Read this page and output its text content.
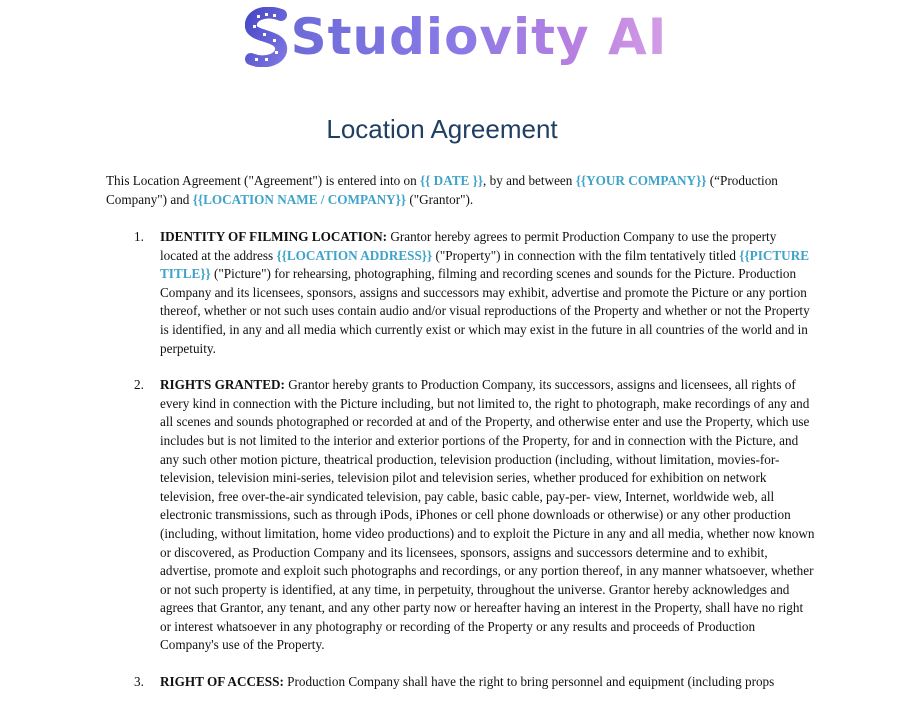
Studiovity AI
Location Agreement

This Location Agreement ("Agreement") is entered into on {{ DATE }}, by and between {{YOUR COMPANY}} (“Production Company") and {{LOCATION NAME / COMPANY}} ("Grantor").

1. IDENTITY OF FILMING LOCATION: Grantor hereby agrees to permit Production Company to use the property located at the address {{LOCATION ADDRESS}} ("Property") in connection with the film tentatively titled {{PICTURE TITLE}} ("Picture") for rehearsing, photographing, filming and recording scenes and sounds for the Picture. Production Company and its licensees, sponsors, assigns and successors may exhibit, advertise and promote the Picture or any portion thereof, whether or not such uses contain audio and/or visual reproductions of the Property and whether or not the Property is identified, in any and all media which currently exist or which may exist in the future in all countries of the world and in perpetuity.
2. RIGHTS GRANTED: Grantor hereby grants to Production Company, its successors, assigns and licensees, all rights of every kind in connection with the Picture including, but not limited to, the right to photograph, make recordings of any and all scenes and sounds photographed or recorded at and of the Property, and otherwise enter and use the Property, which use includes but is not limited to the interior and exterior portions of the Property, for and in connection with the Picture, and any such other motion picture, theatrical production, television production (including, without limitation, movies-for-television, television mini-series, television pilot and television series, whether produced for exhibition on network television, free over-the-air syndicated television, pay cable, basic cable, pay-per- view, Internet, worldwide web, all electronic transmissions, such as through iPods, iPhones or cell phone downloads or otherwise) or any other production (including, without limitation, home video productions) and to exploit the Picture in any and all media, whether now known or discovered, as Production Company and its licensees, sponsors, assigns and successors determine and to exhibit, advertise, promote and exploit such photographs and recordings, or any portion thereof, in any manner whatsoever, whether or not such property is identified, at any time, in perpetuity, throughout the universe. Grantor hereby acknowledges and agrees that Grantor, any tenant, and any other party now or hereafter having an interest in the Property, shall have no right or interest whatsoever in any photography or recording of the Property or any results and proceeds of Production Company's use of the Property.
3. RIGHT OF ACCESS: Production Company shall have the right to bring personnel and equipment (including props
